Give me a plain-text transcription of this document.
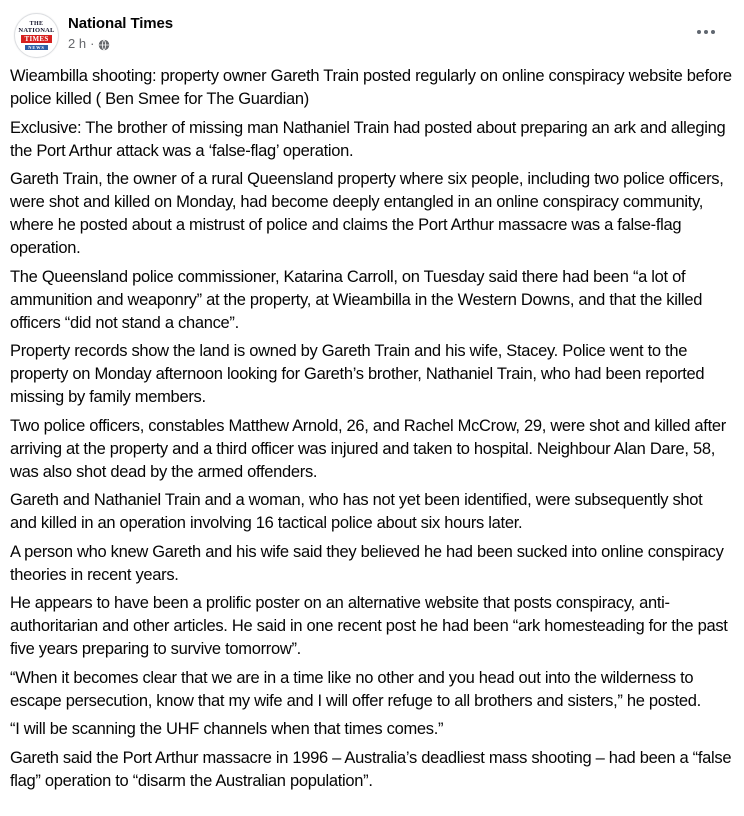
THE
NATIONAL
TIMES
NEWS
National Times
2 h ·

Wieambilla shooting: property owner Gareth Train posted regularly on online conspiracy website before police killed ( Ben Smee for The Guardian)

Exclusive: The brother of missing man Nathaniel Train had posted about preparing an ark and alleging the Port Arthur attack was a ‘false-flag’ operation.

Gareth Train, the owner of a rural Queensland property where six people, including two police officers, were shot and killed on Monday, had become deeply entangled in an online conspiracy community, where he posted about a mistrust of police and claims the Port Arthur massacre was a false-flag operation.

The Queensland police commissioner, Katarina Carroll, on Tuesday said there had been “a lot of ammunition and weaponry” at the property, at Wieambilla in the Western Downs, and that the killed officers “did not stand a chance”.

Property records show the land is owned by Gareth Train and his wife, Stacey. Police went to the property on Monday afternoon looking for Gareth’s brother, Nathaniel Train, who had been reported missing by family members.

Two police officers, constables Matthew Arnold, 26, and Rachel McCrow, 29, were shot and killed after arriving at the property and a third officer was injured and taken to hospital. Neighbour Alan Dare, 58, was also shot dead by the armed offenders.

Gareth and Nathaniel Train and a woman, who has not yet been identified, were subsequently shot and killed in an operation involving 16 tactical police about six hours later.

A person who knew Gareth and his wife said they believed he had been sucked into online conspiracy theories in recent years.

He appears to have been a prolific poster on an alternative website that posts conspiracy, anti-authoritarian and other articles. He said in one recent post he had been “ark homesteading for the past five years preparing to survive tomorrow”.

“When it becomes clear that we are in a time like no other and you head out into the wilderness to escape persecution, know that my wife and I will offer refuge to all brothers and sisters,” he posted.

“I will be scanning the UHF channels when that times comes.”

Gareth said the Port Arthur massacre in 1996 – Australia’s deadliest mass shooting – had been a “false flag” operation to “disarm the Australian population”.
